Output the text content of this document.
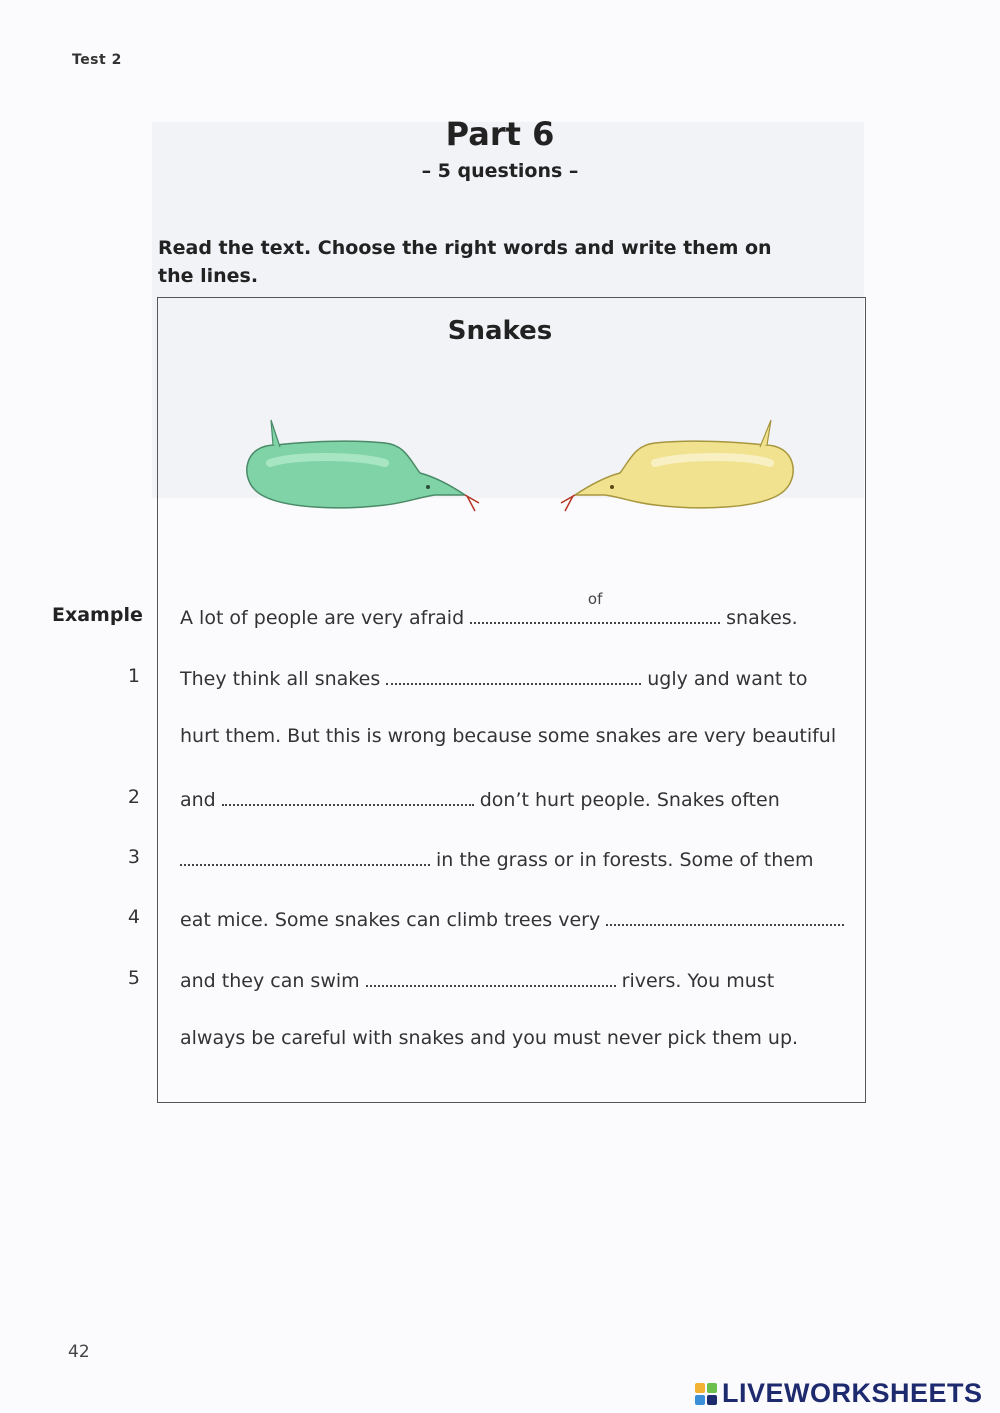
Test 2
Part 6
– 5 questions –
Read the text. Choose the right words and write them on the lines.
Snakes
Example A lot of people are very afraid
of
snakes.
1 They think all snakes	ugly and want to
hurt them. But this is wrong because some snakes are very beautiful
2 and	don’t hurt people. Snakes often
3	in the grass or in forests. Some of them
4 eat mice. Some snakes can climb trees very
5 and they can swim	rivers. You must
always be careful with snakes and you must never pick them up.
42
LIVEWORKSHEETS
